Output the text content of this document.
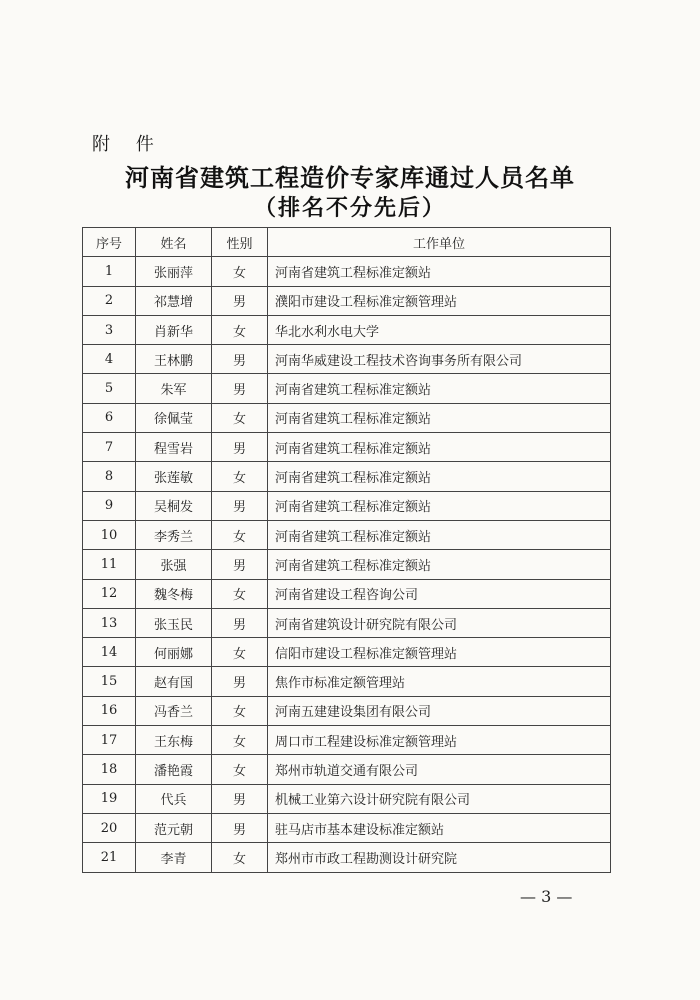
附 件
河南省建筑工程造价专家库通过人员名单
（排名不分先后）
序号	姓名	性别	工作单位
1	张丽萍	女	河南省建筑工程标准定额站
2	祁慧增	男	濮阳市建设工程标准定额管理站
3	肖新华	女	华北水利水电大学
4	王林鹏	男	河南华威建设工程技术咨询事务所有限公司
5	朱军	男	河南省建筑工程标准定额站
6	徐佩莹	女	河南省建筑工程标准定额站
7	程雪岩	男	河南省建筑工程标准定额站
8	张莲敏	女	河南省建筑工程标准定额站
9	吴桐发	男	河南省建筑工程标准定额站
10	李秀兰	女	河南省建筑工程标准定额站
11	张强	男	河南省建筑工程标准定额站
12	魏冬梅	女	河南省建设工程咨询公司
13	张玉民	男	河南省建筑设计研究院有限公司
14	何丽娜	女	信阳市建设工程标准定额管理站
15	赵有国	男	焦作市标准定额管理站
16	冯香兰	女	河南五建建设集团有限公司
17	王东梅	女	周口市工程建设标准定额管理站
18	潘艳霞	女	郑州市轨道交通有限公司
19	代兵	男	机械工业第六设计研究院有限公司
20	范元朝	男	驻马店市基本建设标准定额站
21	李青	女	郑州市市政工程勘测设计研究院
— 3 —
